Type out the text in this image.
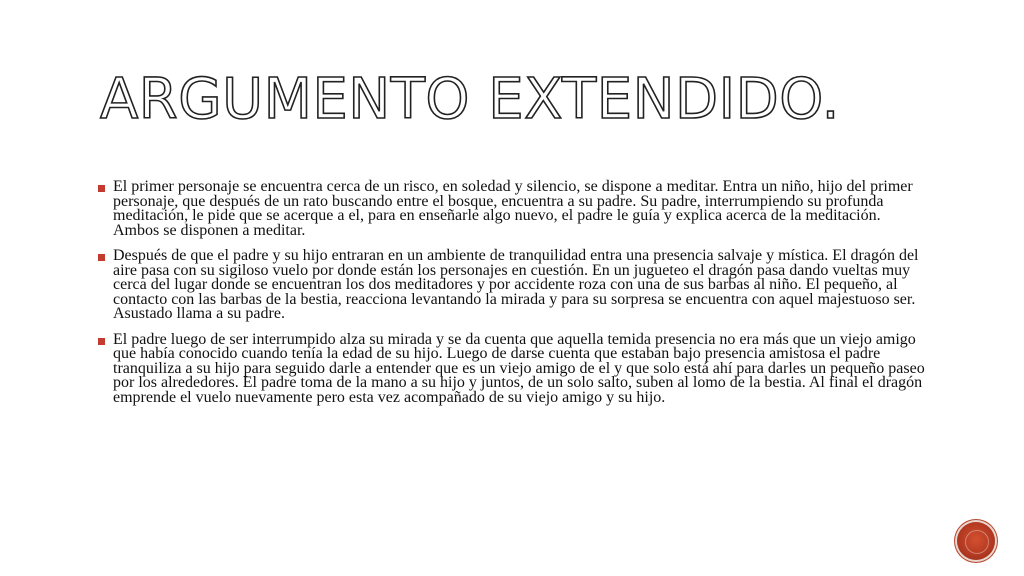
ARGUMENTO EXTENDIDO.
El primer personaje se encuentra cerca de un risco, en soledad y silencio, se dispone a meditar. Entra un niño, hijo del primer personaje, que después de un rato buscando entre el bosque, encuentra a su padre. Su padre, interrumpiendo su profunda meditación, le pide que se acerque a el, para en enseñarle algo nuevo, el padre le guía y explica acerca de la meditación. Ambos se disponen a meditar.
Después de que el padre y su hijo entraran en un ambiente de tranquilidad entra una presencia salvaje y mística. El dragón del aire pasa con su sigiloso vuelo por donde están los personajes en cuestión. En un jugueteo el dragón pasa dando vueltas muy cerca del lugar donde se encuentran los dos meditadores y por accidente roza con una de sus barbas al niño. El pequeño, al contacto con las barbas de la bestia, reacciona levantando la mirada y para su sorpresa se encuentra con aquel majestuoso ser. Asustado llama a su padre.
El padre luego de ser interrumpido alza su mirada y se da cuenta que aquella temida presencia no era más que un viejo amigo que había conocido cuando tenía la edad de su hijo. Luego de darse cuenta que estaban bajo presencia amistosa el padre tranquiliza a su hijo para seguido darle a entender que es un viejo amigo de el y que solo está ahí para darles un pequeño paseo por los alrededores. El padre toma de la mano a su hijo y juntos, de un solo salto, suben al lomo de la bestia. Al final el dragón emprende el vuelo nuevamente pero esta vez acompañado de su viejo amigo y su hijo.
